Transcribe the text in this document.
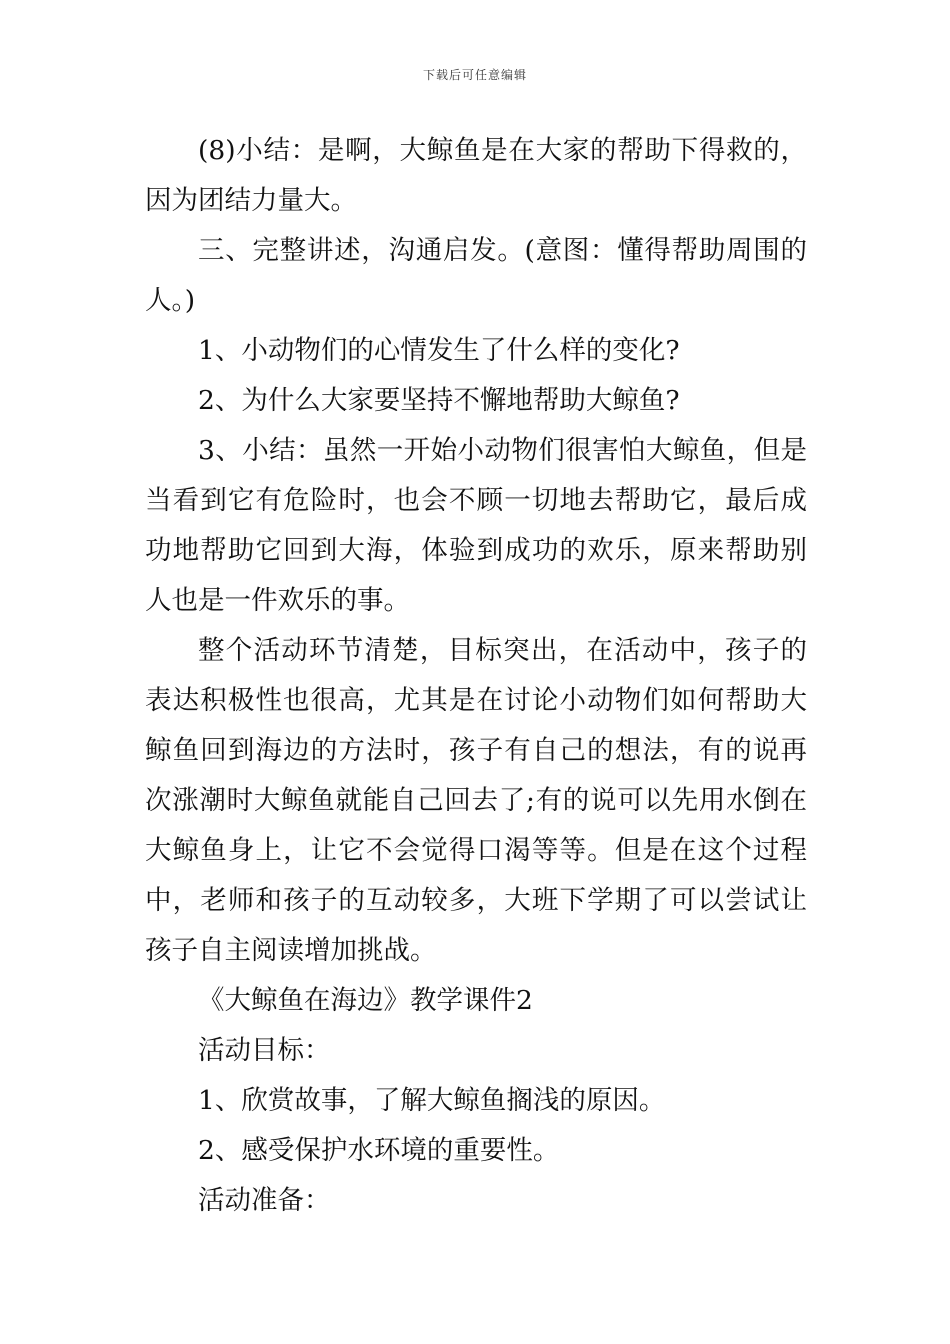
下载后可任意编辑

(8)小结：是啊，大鲸鱼是在大家的帮助下得救的，因为团结力量大。

三、完整讲述，沟通启发。(意图：懂得帮助周围的人。)

1、小动物们的心情发生了什么样的变化?

2、为什么大家要坚持不懈地帮助大鲸鱼?

3、小结：虽然一开始小动物们很害怕大鲸鱼，但是当看到它有危险时，也会不顾一切地去帮助它，最后成功地帮助它回到大海，体验到成功的欢乐，原来帮助别人也是一件欢乐的事。

整个活动环节清楚，目标突出，在活动中，孩子的表达积极性也很高，尤其是在讨论小动物们如何帮助大鲸鱼回到海边的方法时，孩子有自己的想法，有的说再次涨潮时大鲸鱼就能自己回去了;有的说可以先用水倒在大鲸鱼身上，让它不会觉得口渴等等。但是在这个过程中，老师和孩子的互动较多，大班下学期了可以尝试让孩子自主阅读增加挑战。

《大鲸鱼在海边》教学课件2

活动目标：

1、欣赏故事，了解大鲸鱼搁浅的原因。

2、感受保护水环境的重要性。

活动准备：
